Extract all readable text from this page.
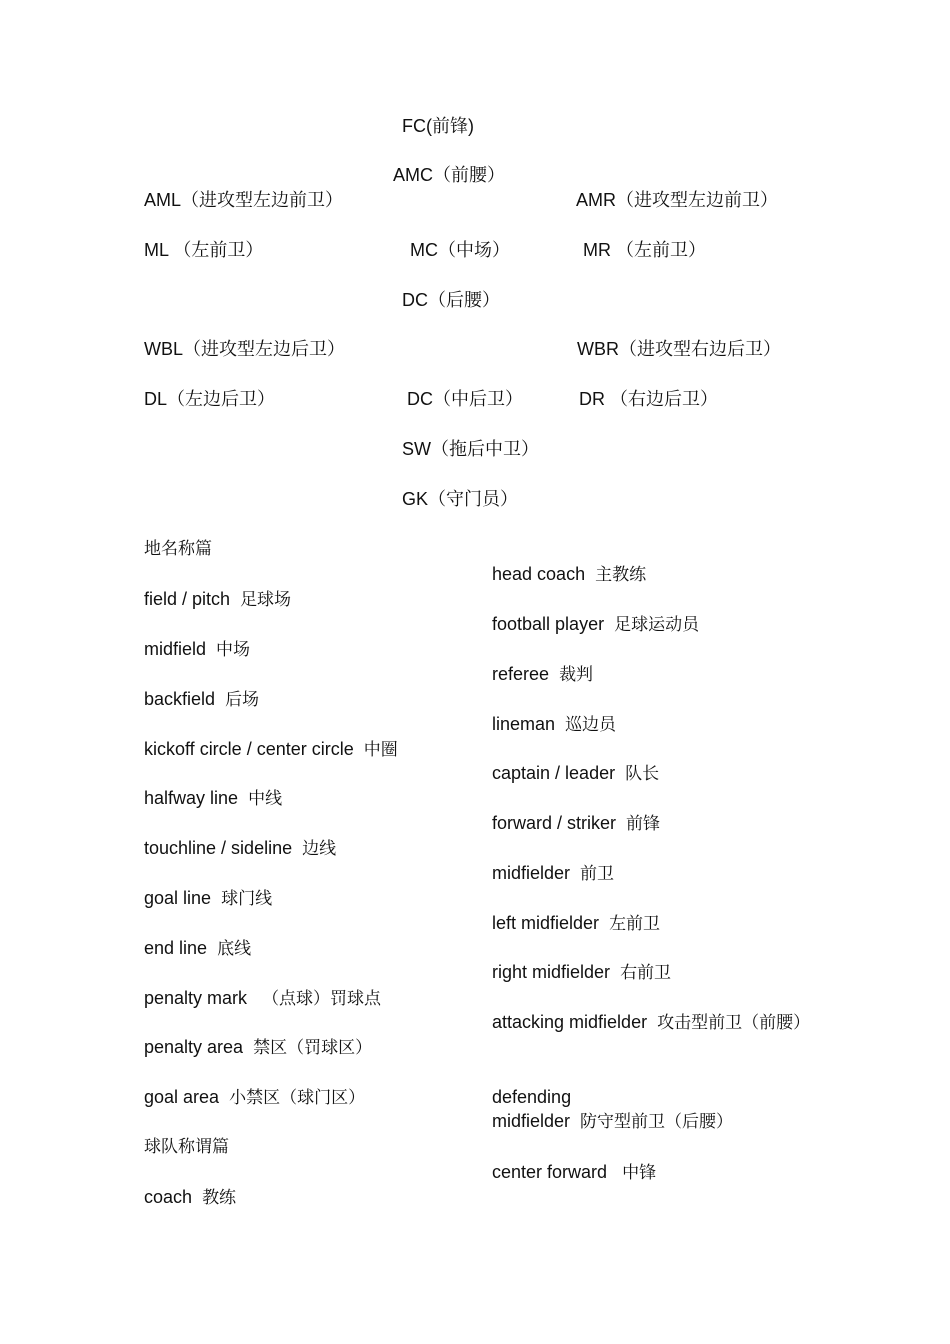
FC(前锋)
AMC（前腰）
AML（进攻型左边前卫）	AMR（进攻型左边前卫）
ML （左前卫）	MC（中场）	MR （左前卫）
DC（后腰）
WBL（进攻型左边后卫）	WBR（进攻型右边后卫）
DL（左边后卫）	DC（中后卫）	DR （右边后卫）
SW（拖后中卫）
GK（守门员）
地名称篇
field / pitch 足球场
midfield 中场
backfield 后场
kickoff circle / center circle 中圈
halfway line 中线
touchline / sideline 边线
goal line 球门线
end line 底线
penalty mark （点球）罚球点
penalty area 禁区（罚球区）
goal area 小禁区（球门区）
球队称谓篇
coach 教练
head coach 主教练
football player 足球运动员
referee 裁判
lineman 巡边员
captain / leader 队长
forward / striker 前锋
midfielder 前卫
left midfielder 左前卫
right midfielder 右前卫
attacking midfielder 攻击型前卫（前腰）
defending midfielder 防守型前卫（后腰）
center forward 中锋
